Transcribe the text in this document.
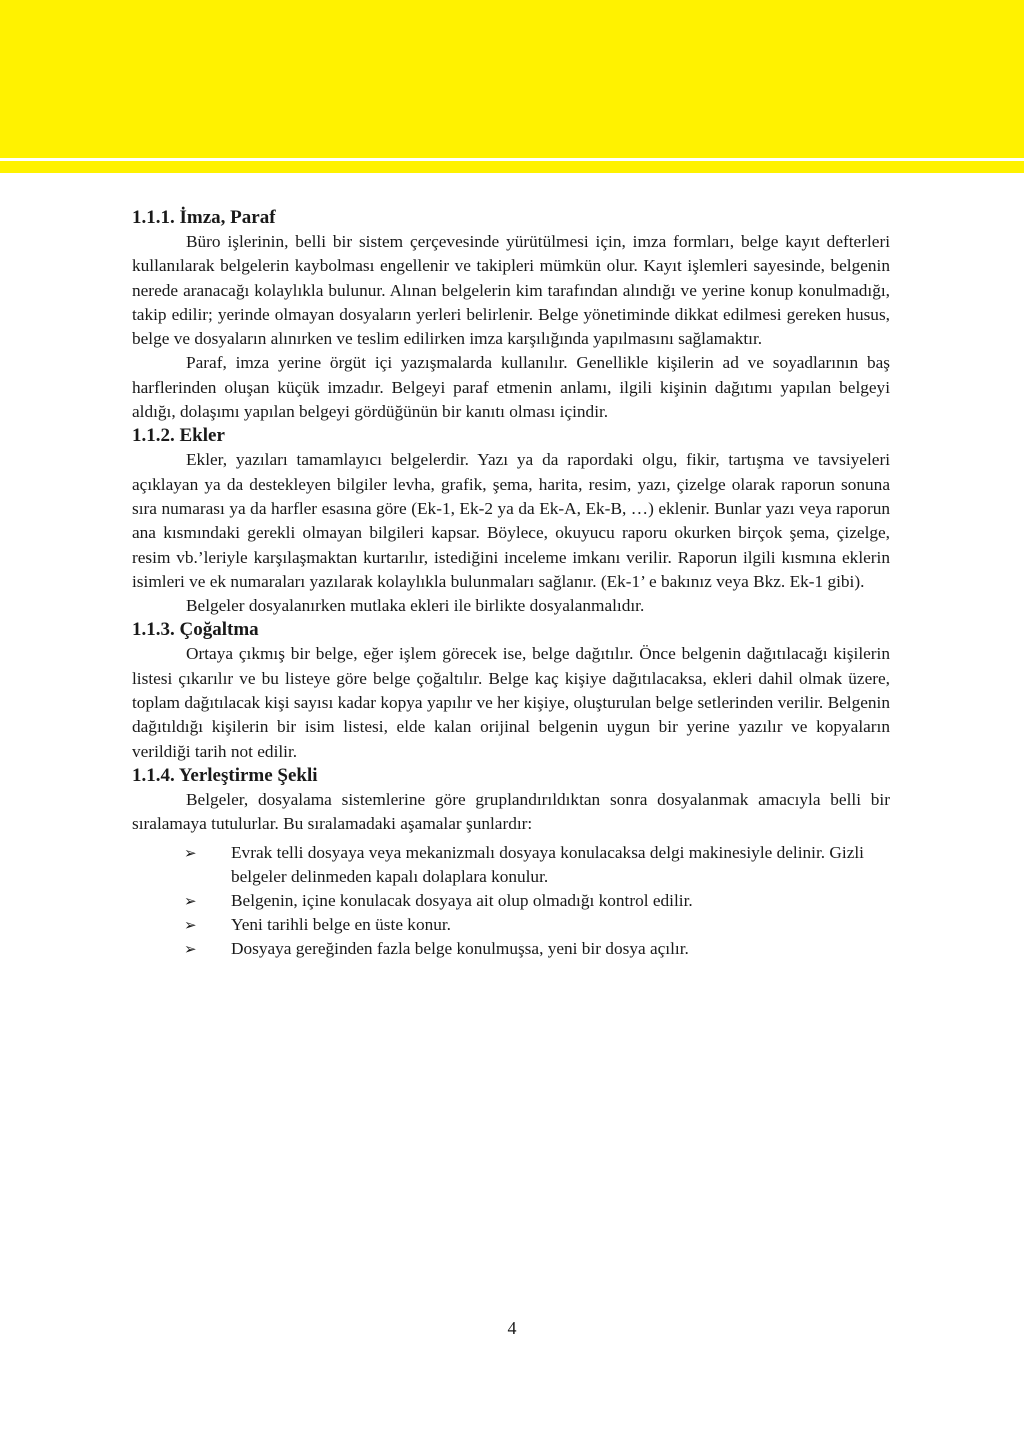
1.1.1. İmza, Paraf

Büro işlerinin, belli bir sistem çerçevesinde yürütülmesi için, imza formları, belge kayıt defterleri kullanılarak belgelerin kaybolması engellenir ve takipleri mümkün olur. Kayıt işlemleri sayesinde, belgenin nerede aranacağı kolaylıkla bulunur. Alınan belgelerin kim tarafından alındığı ve yerine konup konulmadığı, takip edilir; yerinde olmayan dosyaların yerleri belirlenir. Belge yönetiminde dikkat edilmesi gereken husus, belge ve dosyaların alınırken ve teslim edilirken imza karşılığında yapılmasını sağlamaktır.

Paraf, imza yerine örgüt içi yazışmalarda kullanılır. Genellikle kişilerin ad ve soyadlarının baş harflerinden oluşan küçük imzadır. Belgeyi paraf etmenin anlamı, ilgili kişinin dağıtımı yapılan belgeyi aldığı, dolaşımı yapılan belgeyi gördüğünün bir kanıtı olması içindir.

1.1.2. Ekler

Ekler, yazıları tamamlayıcı belgelerdir. Yazı ya da rapordaki olgu, fikir, tartışma ve tavsiyeleri açıklayan ya da destekleyen bilgiler levha, grafik, şema, harita, resim, yazı, çizelge olarak raporun sonuna sıra numarası ya da harfler esasına göre (Ek-1, Ek-2 ya da Ek-A, Ek-B, …) eklenir. Bunlar yazı veya raporun ana kısmındaki gerekli olmayan bilgileri kapsar. Böylece, okuyucu raporu okurken birçok şema, çizelge, resim vb.’leriyle karşılaşmaktan kurtarılır, istediğini inceleme imkanı verilir. Raporun ilgili kısmına eklerin isimleri ve ek numaraları yazılarak kolaylıkla bulunmaları sağlanır. (Ek-1’ e bakınız veya Bkz. Ek-1 gibi).

Belgeler dosyalanırken mutlaka ekleri ile birlikte dosyalanmalıdır.

1.1.3. Çoğaltma

Ortaya çıkmış bir belge, eğer işlem görecek ise, belge dağıtılır. Önce belgenin dağıtılacağı kişilerin listesi çıkarılır ve bu listeye göre belge çoğaltılır. Belge kaç kişiye dağıtılacaksa, ekleri dahil olmak üzere, toplam dağıtılacak kişi sayısı kadar kopya yapılır ve her kişiye, oluşturulan belge setlerinden verilir. Belgenin dağıtıldığı kişilerin bir isim listesi, elde kalan orijinal belgenin uygun bir yerine yazılır ve kopyaların verildiği tarih not edilir.

1.1.4. Yerleştirme Şekli

Belgeler, dosyalama sistemlerine göre gruplandırıldıktan sonra dosyalanmak amacıyla belli bir sıralamaya tutulurlar. Bu sıralamadaki aşamalar şunlardır:

➢ Evrak telli dosyaya veya mekanizmalı dosyaya konulacaksa delgi makinesiyle delinir. Gizli belgeler delinmeden kapalı dolaplara konulur.
➢ Belgenin, içine konulacak dosyaya ait olup olmadığı kontrol edilir.
➢ Yeni tarihli belge en üste konur.
➢ Dosyaya gereğinden fazla belge konulmuşsa, yeni bir dosya açılır.
4
